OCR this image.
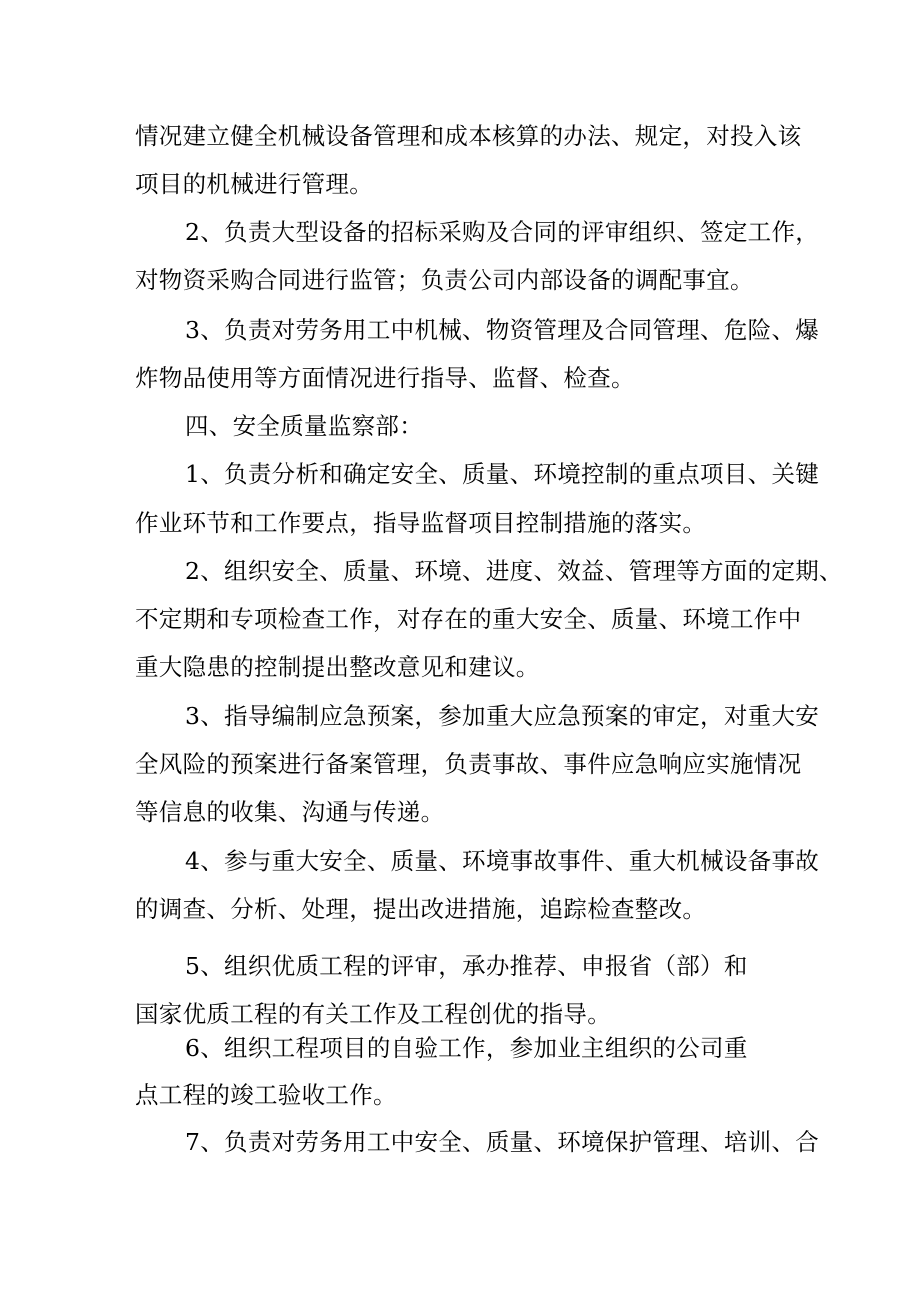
情况建立健全机械设备管理和成本核算的办法、规定，对投入该
项目的机械进行管理。
2、负责大型设备的招标采购及合同的评审组织、签定工作，
对物资采购合同进行监管；负责公司内部设备的调配事宜。
3、负责对劳务用工中机械、物资管理及合同管理、危险、爆
炸物品使用等方面情况进行指导、监督、检查。
四、安全质量监察部：
1、负责分析和确定安全、质量、环境控制的重点项目、关键
作业环节和工作要点，指导监督项目控制措施的落实。
2、组织安全、质量、环境、进度、效益、管理等方面的定期、
不定期和专项检查工作，对存在的重大安全、质量、环境工作中
重大隐患的控制提出整改意见和建议。
3、指导编制应急预案，参加重大应急预案的审定，对重大安
全风险的预案进行备案管理，负责事故、事件应急响应实施情况
等信息的收集、沟通与传递。
4、参与重大安全、质量、环境事故事件、重大机械设备事故
的调查、分析、处理，提出改进措施，追踪检查整改。
5、组织优质工程的评审，承办推荐、申报省（部）和
国家优质工程的有关工作及工程创优的指导。
6、组织工程项目的自验工作，参加业主组织的公司重
点工程的竣工验收工作。
7、负责对劳务用工中安全、质量、环境保护管理、培训、合
